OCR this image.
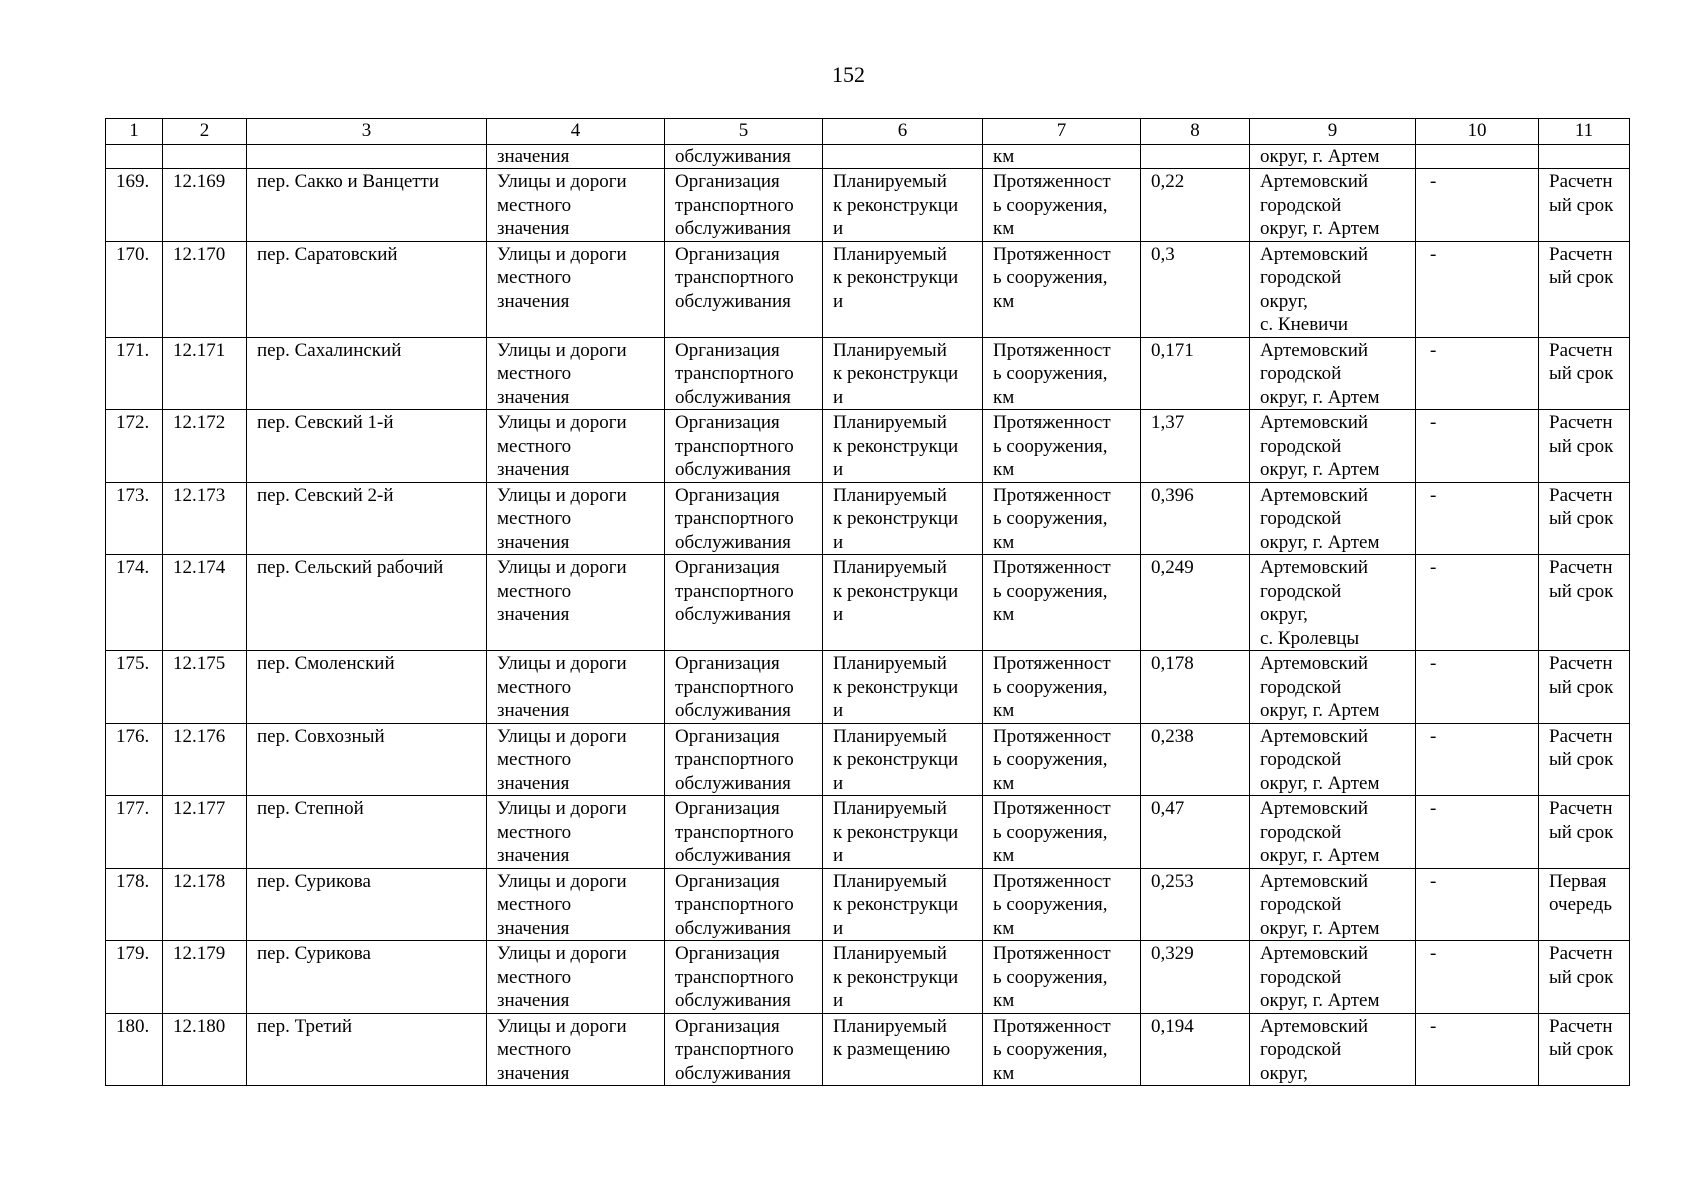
152
1	2	3	4	5	6	7	8	9	10	11
			значения	обслуживания		км		округ, г. Артем		
169.	12.169	пер. Сакко и Ванцетти	Улицы и дороги
местного
значения	Организация
транспортного
обслуживания	Планируемый
к реконструкци
и	Протяженност
ь сооружения,
км	0,22	Артемовский
городской
округ, г. Артем	-	Расчетн
ый срок
170.	12.170	пер. Саратовский	Улицы и дороги
местного
значения	Организация
транспортного
обслуживания	Планируемый
к реконструкци
и	Протяженност
ь сооружения,
км	0,3	Артемовский
городской
округ,
с. Кневичи	-	Расчетн
ый срок
171.	12.171	пер. Сахалинский	Улицы и дороги
местного
значения	Организация
транспортного
обслуживания	Планируемый
к реконструкци
и	Протяженност
ь сооружения,
км	0,171	Артемовский
городской
округ, г. Артем	-	Расчетн
ый срок
172.	12.172	пер. Севский 1-й	Улицы и дороги
местного
значения	Организация
транспортного
обслуживания	Планируемый
к реконструкци
и	Протяженност
ь сооружения,
км	1,37	Артемовский
городской
округ, г. Артем	-	Расчетн
ый срок
173.	12.173	пер. Севский 2-й	Улицы и дороги
местного
значения	Организация
транспортного
обслуживания	Планируемый
к реконструкци
и	Протяженност
ь сооружения,
км	0,396	Артемовский
городской
округ, г. Артем	-	Расчетн
ый срок
174.	12.174	пер. Сельский рабочий	Улицы и дороги
местного
значения	Организация
транспортного
обслуживания	Планируемый
к реконструкци
и	Протяженност
ь сооружения,
км	0,249	Артемовский
городской
округ,
с. Кролевцы	-	Расчетн
ый срок
175.	12.175	пер. Смоленский	Улицы и дороги
местного
значения	Организация
транспортного
обслуживания	Планируемый
к реконструкци
и	Протяженност
ь сооружения,
км	0,178	Артемовский
городской
округ, г. Артем	-	Расчетн
ый срок
176.	12.176	пер. Совхозный	Улицы и дороги
местного
значения	Организация
транспортного
обслуживания	Планируемый
к реконструкци
и	Протяженност
ь сооружения,
км	0,238	Артемовский
городской
округ, г. Артем	-	Расчетн
ый срок
177.	12.177	пер. Степной	Улицы и дороги
местного
значения	Организация
транспортного
обслуживания	Планируемый
к реконструкци
и	Протяженност
ь сооружения,
км	0,47	Артемовский
городской
округ, г. Артем	-	Расчетн
ый срок
178.	12.178	пер. Сурикова	Улицы и дороги
местного
значения	Организация
транспортного
обслуживания	Планируемый
к реконструкци
и	Протяженност
ь сооружения,
км	0,253	Артемовский
городской
округ, г. Артем	-	Первая
очередь
179.	12.179	пер. Сурикова	Улицы и дороги
местного
значения	Организация
транспортного
обслуживания	Планируемый
к реконструкци
и	Протяженност
ь сооружения,
км	0,329	Артемовский
городской
округ, г. Артем	-	Расчетн
ый срок
180.	12.180	пер. Третий	Улицы и дороги
местного
значения	Организация
транспортного
обслуживания	Планируемый
к размещению	Протяженност
ь сооружения,
км	0,194	Артемовский
городской
округ,	-	Расчетн
ый срок
